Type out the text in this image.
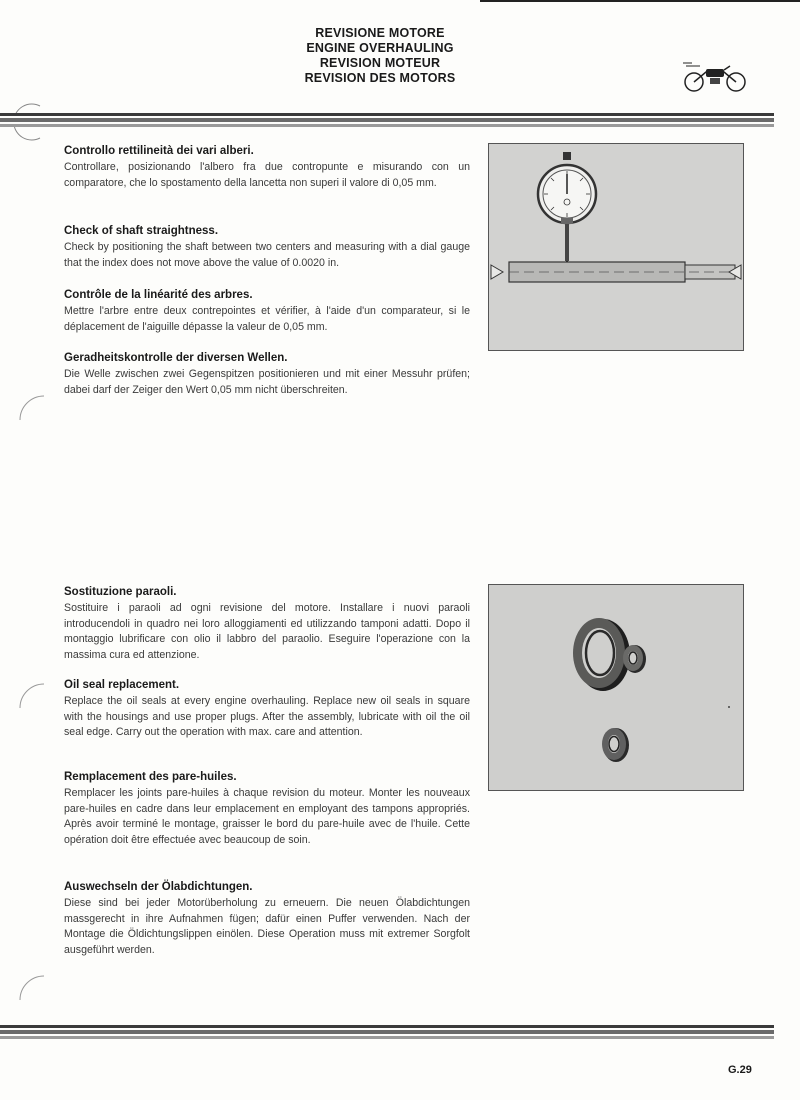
REVISIONE MOTORE
ENGINE OVERHAULING
REVISION MOTEUR
REVISION DES MOTORS

Controllo rettilineità dei vari alberi.

Controllare, posizionando l'albero fra due contropunte e misurando con un comparatore, che lo spostamento della lancetta non superi il valore di 0,05 mm.

Check of shaft straightness.

Check by positioning the shaft between two centers and measuring with a dial gauge that the index does not move above the value of 0.0020 in.

Contrôle de la linéarité des arbres.

Mettre l'arbre entre deux contrepointes et vérifier, à l'aide d'un comparateur, si le déplacement de l'aiguille dépasse la valeur de 0,05 mm.

Geradheitskontrolle der diversen Wellen.

Die Welle zwischen zwei Gegenspitzen positionieren und mit einer Messuhr prüfen; dabei darf der Zeiger den Wert 0,05 mm nicht überschreiten.

Sostituzione paraoli.

Sostituire i paraoli ad ogni revisione del motore. Installare i nuovi paraoli introducendoli in quadro nei loro alloggiamenti ed utilizzando tamponi adatti. Dopo il montaggio lubrificare con olio il labbro del paraolio. Eseguire l'operazione con la massima cura ed attenzione.

Oil seal replacement.

Replace the oil seals at every engine overhauling. Replace new oil seals in square with the housings and use proper plugs. After the assembly, lubricate with oil the oil seal edge. Carry out the operation with max. care and attention.

Remplacement des pare-huiles.

Remplacer les joints pare-huiles à chaque revision du moteur. Monter les nouveaux pare-huiles en cadre dans leur emplacement en employant des tampons appropriés. Après avoir terminé le montage, graisser le bord du pare-huile avec de l'huile. Cette opération doit être effectuée avec beaucoup de soin.

Auswechseln der Ölabdichtungen.

Diese sind bei jeder Motorüberholung zu erneuern. Die neuen Ölabdichtungen massgerecht in ihre Aufnahmen fügen; dafür einen Puffer verwenden. Nach der Montage die Öldichtungslippen einölen. Diese Operation muss mit extremer Sorgfolt ausgeführt werden.

G.29
